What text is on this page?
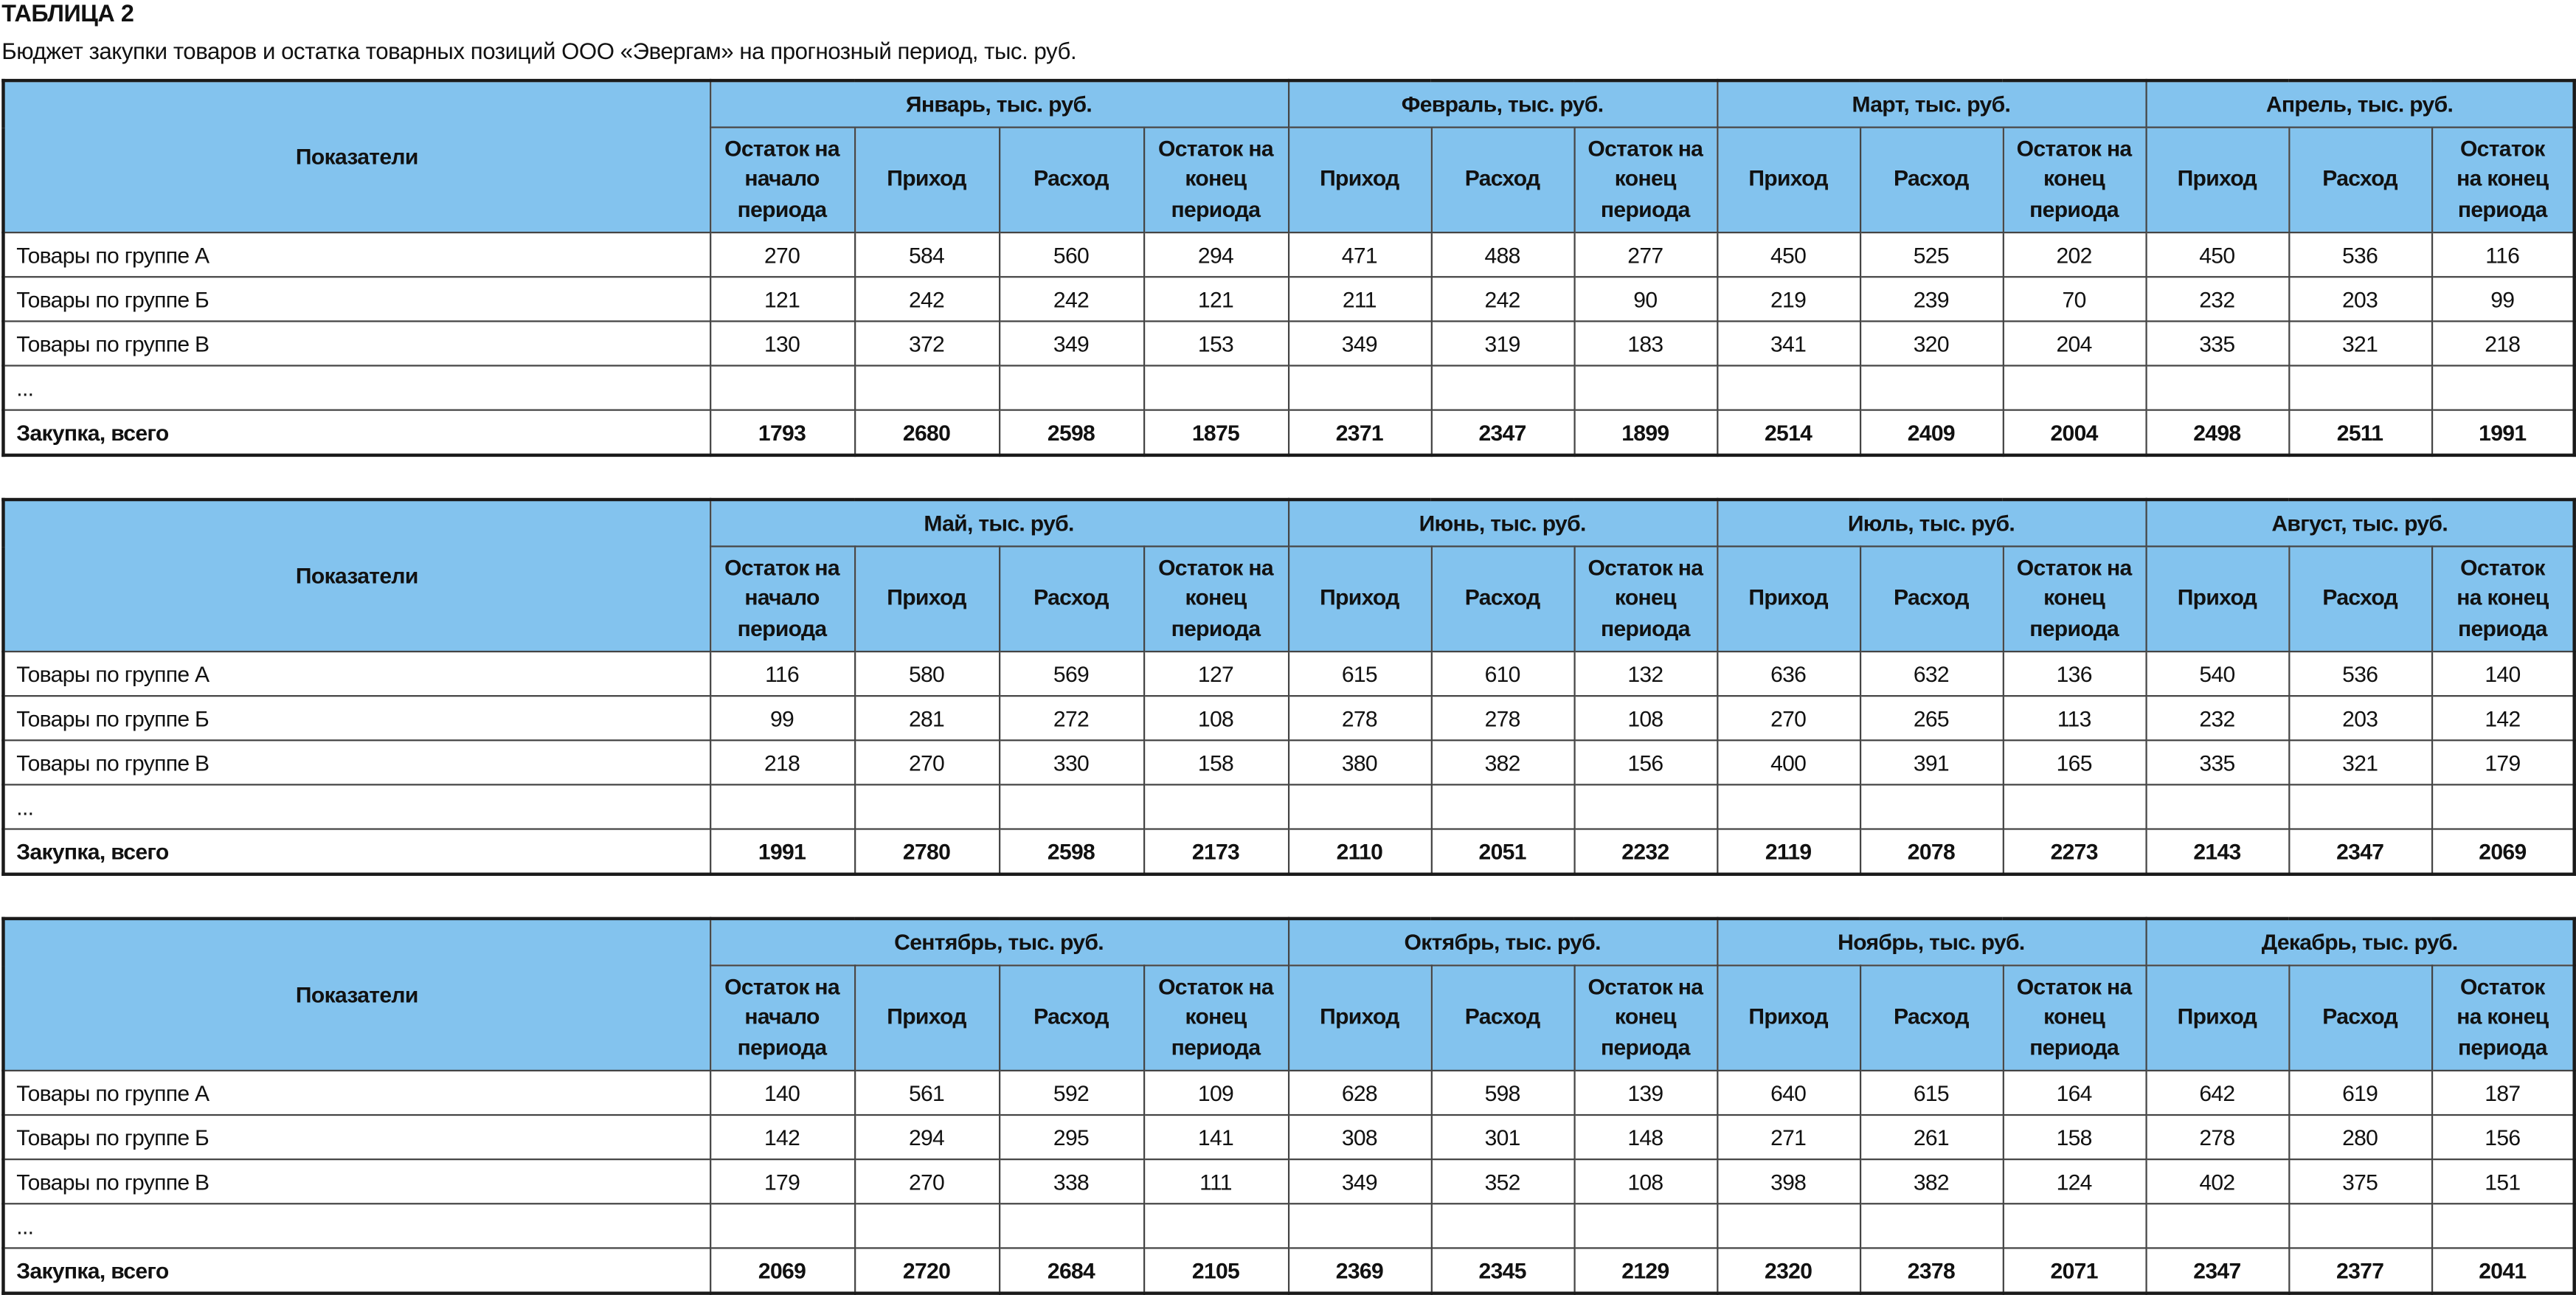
ТАБЛИЦА 2
Бюджет закупки товаров и остатка товарных позиций ООО «Эвергам» на прогнозный период, тыс. руб.
Показатели	Январь, тыс. руб.				Февраль, тыс. руб.			Март, тыс. руб.			Апрель, тыс. руб.		
	Остаток на начало периода	Приход	Расход	Остаток на конец периода	Приход	Расход	Остаток на конец периода	Приход	Расход	Остаток на конец периода	Приход	Расход	Остаток на конец периода
Товары по группе А	270	584	560	294	471	488	277	450	525	202	450	536	116
Товары по группе Б	121	242	242	121	211	242	90	219	239	70	232	203	99
Товары по группе В	130	372	349	153	349	319	183	341	320	204	335	321	218
...													
Закупка, всего	1793	2680	2598	1875	2371	2347	1899	2514	2409	2004	2498	2511	1991
Показатели	Май, тыс. руб.				Июнь, тыс. руб.			Июль, тыс. руб.			Август, тыс. руб.		
	Остаток на начало периода	Приход	Расход	Остаток на конец периода	Приход	Расход	Остаток на конец периода	Приход	Расход	Остаток на конец периода	Приход	Расход	Остаток на конец периода
Товары по группе А	116	580	569	127	615	610	132	636	632	136	540	536	140
Товары по группе Б	99	281	272	108	278	278	108	270	265	113	232	203	142
Товары по группе В	218	270	330	158	380	382	156	400	391	165	335	321	179
...													
Закупка, всего	1991	2780	2598	2173	2110	2051	2232	2119	2078	2273	2143	2347	2069
Показатели	Сентябрь, тыс. руб.				Октябрь, тыс. руб.			Ноябрь, тыс. руб.			Декабрь, тыс. руб.		
	Остаток на начало периода	Приход	Расход	Остаток на конец периода	Приход	Расход	Остаток на конец периода	Приход	Расход	Остаток на конец периода	Приход	Расход	Остаток на конец периода
Товары по группе А	140	561	592	109	628	598	139	640	615	164	642	619	187
Товары по группе Б	142	294	295	141	308	301	148	271	261	158	278	280	156
Товары по группе В	179	270	338	111	349	352	108	398	382	124	402	375	151
...													
Закупка, всего	2069	2720	2684	2105	2369	2345	2129	2320	2378	2071	2347	2377	2041
